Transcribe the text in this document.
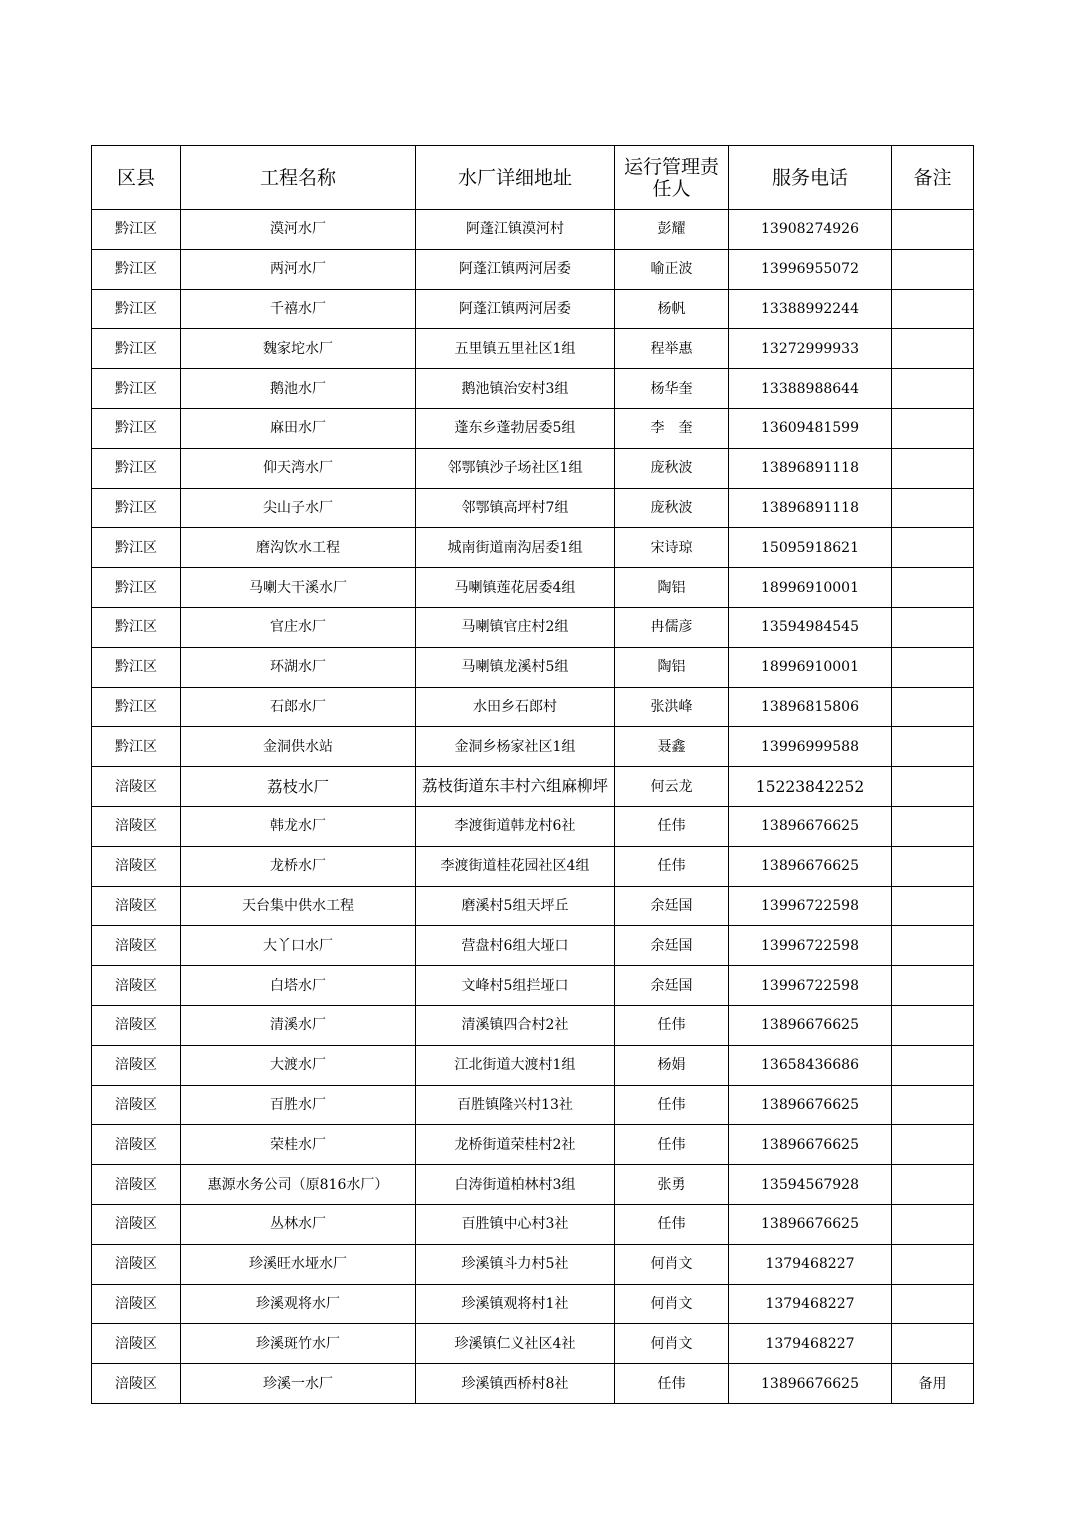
区县	工程名称	水厂详细地址	运行管理责任人	服务电话	备注
黔江区	漠河水厂	阿蓬江镇漠河村	彭耀	13908274926	
黔江区	两河水厂	阿蓬江镇两河居委	喻正波	13996955072	
黔江区	千禧水厂	阿蓬江镇两河居委	杨帆	13388992244	
黔江区	魏家坨水厂	五里镇五里社区1组	程举惠	13272999933	
黔江区	鹅池水厂	鹅池镇治安村3组	杨华奎	13388988644	
黔江区	麻田水厂	蓬东乡蓬勃居委5组	李　奎	13609481599	
黔江区	仰天湾水厂	邻鄂镇沙子场社区1组	庞秋波	13896891118	
黔江区	尖山子水厂	邻鄂镇高坪村7组	庞秋波	13896891118	
黔江区	磨沟饮水工程	城南街道南沟居委1组	宋诗琼	15095918621	
黔江区	马喇大干溪水厂	马喇镇莲花居委4组	陶铝	18996910001	
黔江区	官庄水厂	马喇镇官庄村2组	冉儒彦	13594984545	
黔江区	环湖水厂	马喇镇龙溪村5组	陶铝	18996910001	
黔江区	石郎水厂	水田乡石郎村	张洪峰	13896815806	
黔江区	金洞供水站	金洞乡杨家社区1组	聂鑫	13996999588	
涪陵区	荔枝水厂	荔枝街道东丰村六组麻柳坪	何云龙	15223842252	
涪陵区	韩龙水厂	李渡街道韩龙村6社	任伟	13896676625	
涪陵区	龙桥水厂	李渡街道桂花园社区4组	任伟	13896676625	
涪陵区	天台集中供水工程	磨溪村5组天坪丘	余廷国	13996722598	
涪陵区	大丫口水厂	营盘村6组大垭口	余廷国	13996722598	
涪陵区	白塔水厂	文峰村5组拦垭口	余廷国	13996722598	
涪陵区	清溪水厂	清溪镇四合村2社	任伟	13896676625	
涪陵区	大渡水厂	江北街道大渡村1组	杨娟	13658436686	
涪陵区	百胜水厂	百胜镇隆兴村13社	任伟	13896676625	
涪陵区	荣桂水厂	龙桥街道荣桂村2社	任伟	13896676625	
涪陵区	惠源水务公司（原816水厂）	白涛街道柏林村3组	张勇	13594567928	
涪陵区	丛林水厂	百胜镇中心村3社	任伟	13896676625	
涪陵区	珍溪旺水垭水厂	珍溪镇斗力村5社	何肖文	1379468227	
涪陵区	珍溪观将水厂	珍溪镇观将村1社	何肖文	1379468227	
涪陵区	珍溪斑竹水厂	珍溪镇仁义社区4社	何肖文	1379468227	
涪陵区	珍溪一水厂	珍溪镇西桥村8社	任伟	13896676625	备用
